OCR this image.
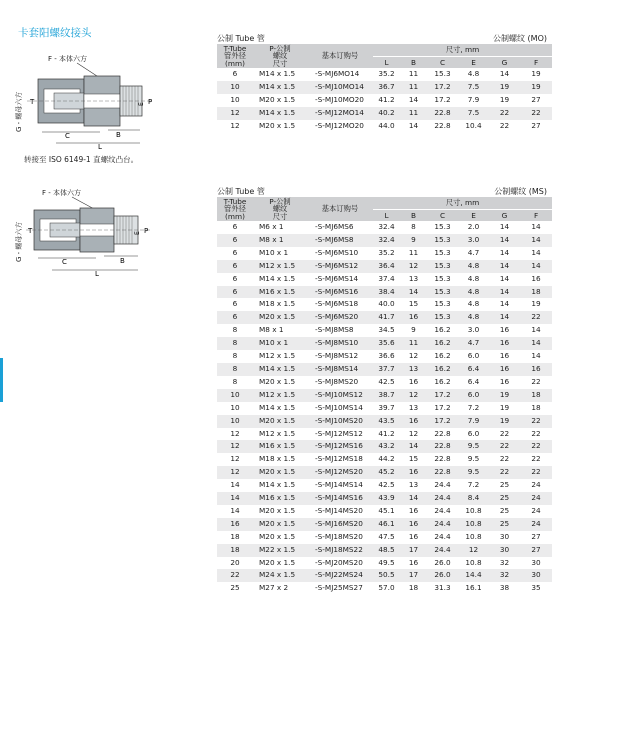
卡套阳螺纹接头
F - 本体六方
G - 螺母六方 T	E P
C	B
L
转接至 ISO 6149-1 直螺纹凸台。
F - 本体六方
G - 螺母六方 T	E P
C	B
L
公制 Tube 管	公制螺纹 (MO)
T-Tube
管外径
(mm)	P-公制
螺纹
尺寸	基本订购号	尺寸, mm					
			L	B	C	E	G	F
6	M14 x 1.5	-S-MJ6MO14	35.2	11	15.3	4.8	14	19
10	M14 x 1.5	-S-MJ10MO14	36.7	11	17.2	7.5	19	19
10	M20 x 1.5	-S-MJ10MO20	41.2	14	17.2	7.9	19	27
12	M14 x 1.5	-S-MJ12MO14	40.2	11	22.8	7.5	22	22
12	M20 x 1.5	-S-MJ12MO20	44.0	14	22.8	10.4	22	27
公制 Tube 管	公制螺纹 (MS)
T-Tube
管外径
(mm)	P-公制
螺纹
尺寸	基本订购号	尺寸, mm					
			L	B	C	E	G	F
6	M6 x 1	-S-MJ6MS6	32.4	8	15.3	2.0	14	14
6	M8 x 1	-S-MJ6MS8	32.4	9	15.3	3.0	14	14
6	M10 x 1	-S-MJ6MS10	35.2	11	15.3	4.7	14	14
6	M12 x 1.5	-S-MJ6MS12	36.4	12	15.3	4.8	14	14
6	M14 x 1.5	-S-MJ6MS14	37.4	13	15.3	4.8	14	16
6	M16 x 1.5	-S-MJ6MS16	38.4	14	15.3	4.8	14	18
6	M18 x 1.5	-S-MJ6MS18	40.0	15	15.3	4.8	14	19
6	M20 x 1.5	-S-MJ6MS20	41.7	16	15.3	4.8	14	22
8	M8 x 1	-S-MJ8MS8	34.5	9	16.2	3.0	16	14
8	M10 x 1	-S-MJ8MS10	35.6	11	16.2	4.7	16	14
8	M12 x 1.5	-S-MJ8MS12	36.6	12	16.2	6.0	16	14
8	M14 x 1.5	-S-MJ8MS14	37.7	13	16.2	6.4	16	16
8	M20 x 1.5	-S-MJ8MS20	42.5	16	16.2	6.4	16	22
10	M12 x 1.5	-S-MJ10MS12	38.7	12	17.2	6.0	19	18
10	M14 x 1.5	-S-MJ10MS14	39.7	13	17.2	7.2	19	18
10	M20 x 1.5	-S-MJ10MS20	43.5	16	17.2	7.9	19	22
12	M12 x 1.5	-S-MJ12MS12	41.2	12	22.8	6.0	22	22
12	M16 x 1.5	-S-MJ12MS16	43.2	14	22.8	9.5	22	22
12	M18 x 1.5	-S-MJ12MS18	44.2	15	22.8	9.5	22	22
12	M20 x 1.5	-S-MJ12MS20	45.2	16	22.8	9.5	22	22
14	M14 x 1.5	-S-MJ14MS14	42.5	13	24.4	7.2	25	24
14	M16 x 1.5	-S-MJ14MS16	43.9	14	24.4	8.4	25	24
14	M20 x 1.5	-S-MJ14MS20	45.1	16	24.4	10.8	25	24
16	M20 x 1.5	-S-MJ16MS20	46.1	16	24.4	10.8	25	24
18	M20 x 1.5	-S-MJ18MS20	47.5	16	24.4	10.8	30	27
18	M22 x 1.5	-S-MJ18MS22	48.5	17	24.4	12	30	27
20	M20 x 1.5	-S-MJ20MS20	49.5	16	26.0	10.8	32	30
22	M24 x 1.5	-S-MJ22MS24	50.5	17	26.0	14.4	32	30
25	M27 x 2	-S-MJ25MS27	57.0	18	31.3	16.1	38	35
